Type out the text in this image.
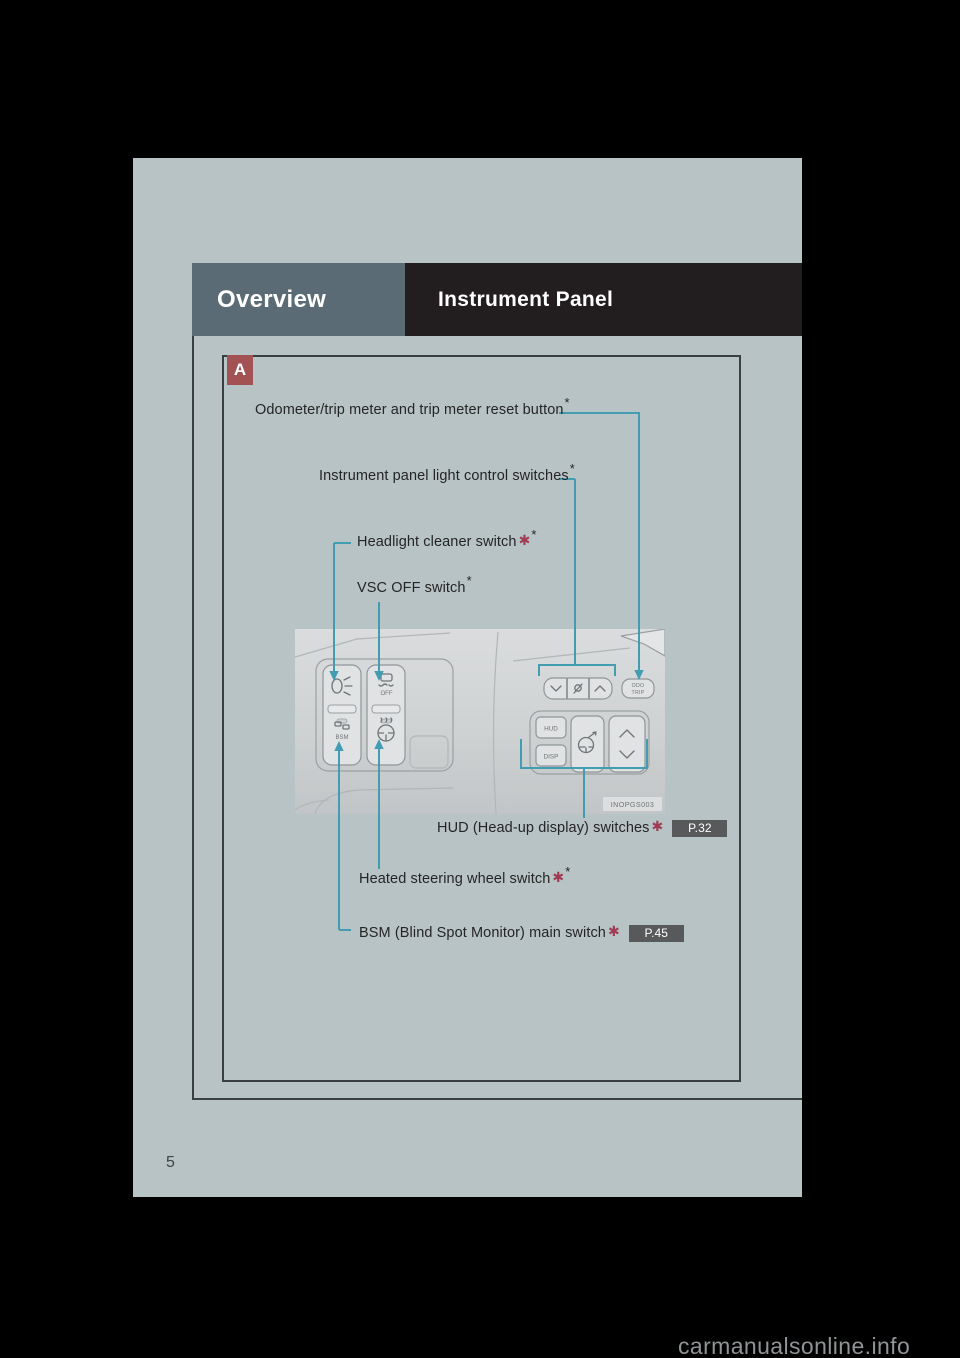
Overview	Instrument Panel
A
OFF
BSM
ODO
TRIP
HUD
DISP
INOPGS003
Odometer/trip meter and trip meter reset button *
Instrument panel light control switches *
Headlight cleaner switch ✱ *
VSC OFF switch *
HUD (Head-up display) switches ✱	P.32
Heated steering wheel switch ✱ *
BSM (Blind Spot Monitor) main switch ✱	P.45
5
carmanualsonline.info
